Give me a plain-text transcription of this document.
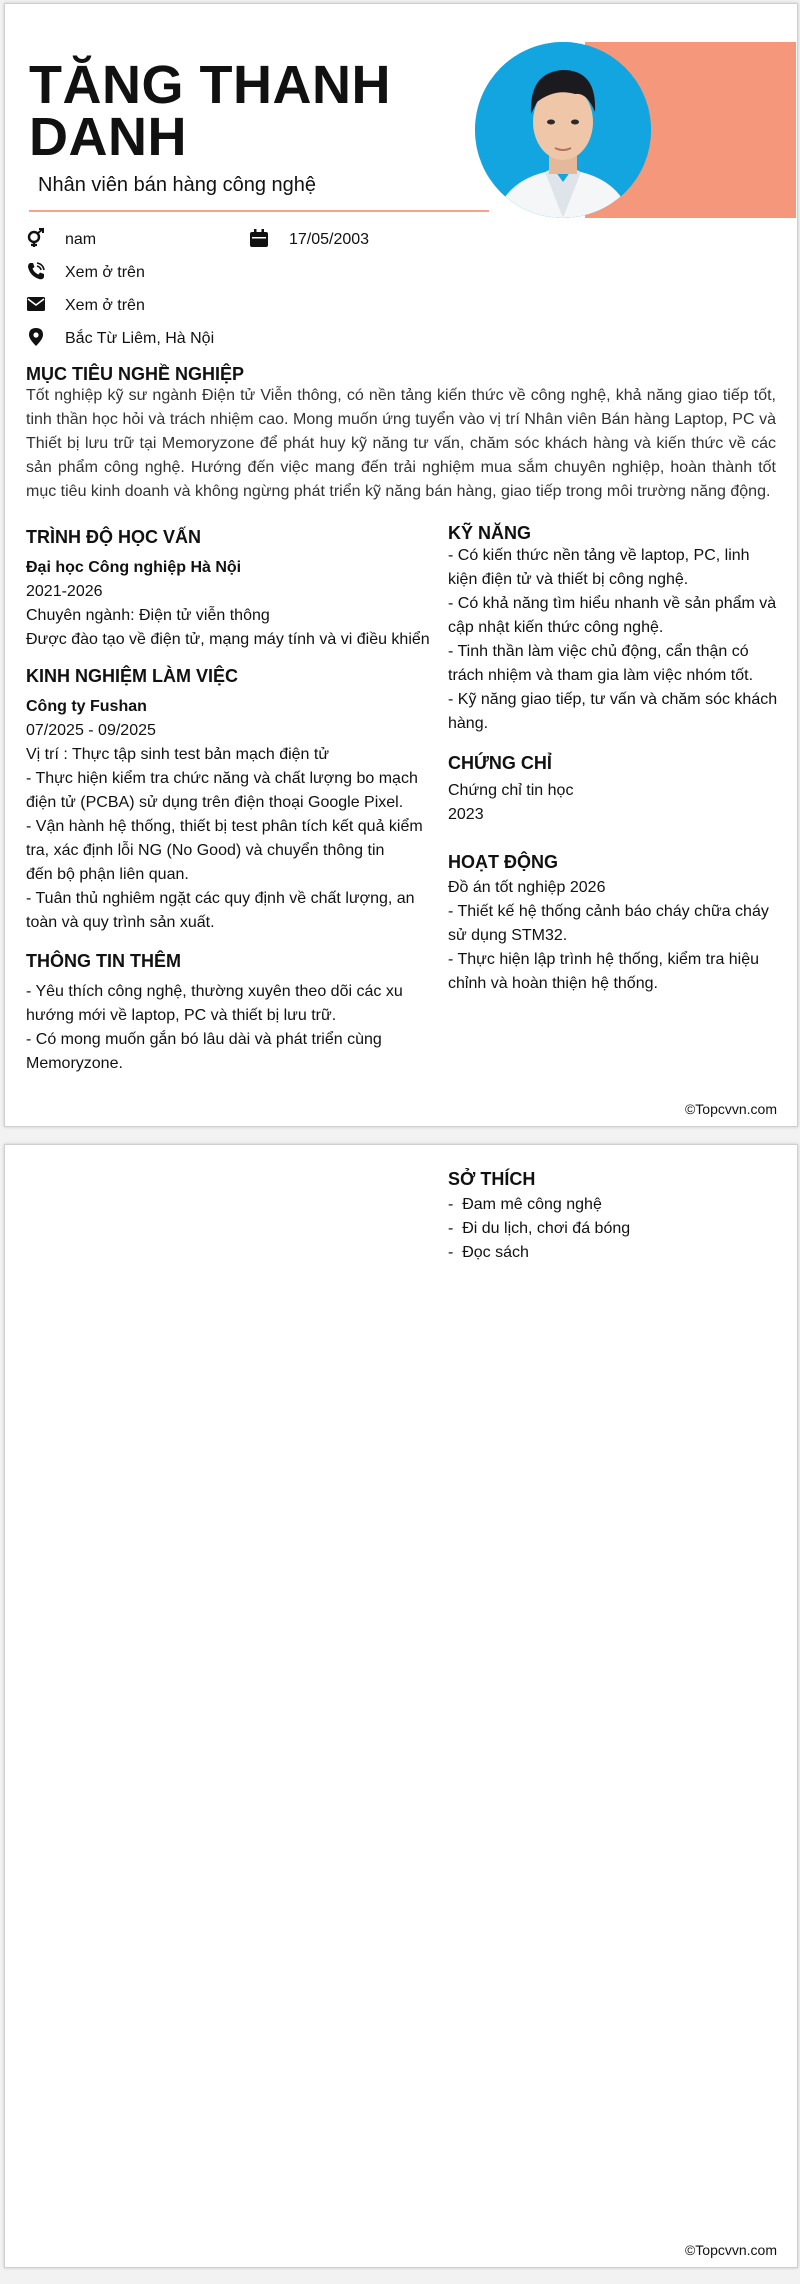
TĂNG THANH
DANH
Nhân viên bán hàng công nghệ
nam	17/05/2003
Xem ở trên
Xem ở trên
Bắc Từ Liêm, Hà Nội
MỤC TIÊU NGHỀ NGHIỆP
Tốt nghiệp kỹ sư ngành Điện tử Viễn thông, có nền tảng kiến thức về công nghệ, khả năng giao tiếp tốt, tinh thần học hỏi và trách nhiệm cao. Mong muốn ứng tuyển vào vị trí Nhân viên Bán hàng Laptop, PC và Thiết bị lưu trữ tại Memoryzone để phát huy kỹ năng tư vấn, chăm sóc khách hàng và kiến thức về các sản phẩm công nghệ. Hướng đến việc mang đến trải nghiệm mua sắm chuyên nghiệp, hoàn thành tốt mục tiêu kinh doanh và không ngừng phát triển kỹ năng bán hàng, giao tiếp trong môi trường năng động.
TRÌNH ĐỘ HỌC VẤN
Đại học Công nghiệp Hà Nội
2021-2026
Chuyên ngành: Điện tử viễn thông
Được đào tạo về điện tử, mạng máy tính và vi điều khiển
KINH NGHIỆM LÀM VIỆC
Công ty Fushan
07/2025 - 09/2025
Vị trí : Thực tập sinh test bản mạch điện tử
- Thực hiện kiểm tra chức năng và chất lượng bo mạch
điện tử (PCBA) sử dụng trên điện thoại Google Pixel.
- Vận hành hệ thống, thiết bị test phân tích kết quả kiểm
tra, xác định lỗi NG (No Good) và chuyển thông tin
đến bộ phận liên quan.
- Tuân thủ nghiêm ngặt các quy định về chất lượng, an
toàn và quy trình sản xuất.
THÔNG TIN THÊM
- Yêu thích công nghệ, thường xuyên theo dõi các xu
hướng mới về laptop, PC và thiết bị lưu trữ.
- Có mong muốn gắn bó lâu dài và phát triển cùng
Memoryzone.
KỸ NĂNG
- Có kiến thức nền tảng về laptop, PC, linh
kiện điện tử và thiết bị công nghệ.
- Có khả năng tìm hiểu nhanh về sản phẩm và
cập nhật kiến thức công nghệ.
- Tinh thần làm việc chủ động, cẩn thận có
trách nhiệm và tham gia làm việc nhóm tốt.
- Kỹ năng giao tiếp, tư vấn và chăm sóc khách
hàng.
CHỨNG CHỈ
Chứng chỉ tin học
2023
HOẠT ĐỘNG
Đồ án tốt nghiệp 2026
- Thiết kế hệ thống cảnh báo cháy chữa cháy
sử dụng STM32.
- Thực hiện lập trình hệ thống, kiểm tra hiệu
chỉnh và hoàn thiện hệ thống.
©Topcvvn.com
SỞ THÍCH
-  Đam mê công nghệ
-  Đi du lịch, chơi đá bóng
-  Đọc sách
©Topcvvn.com
